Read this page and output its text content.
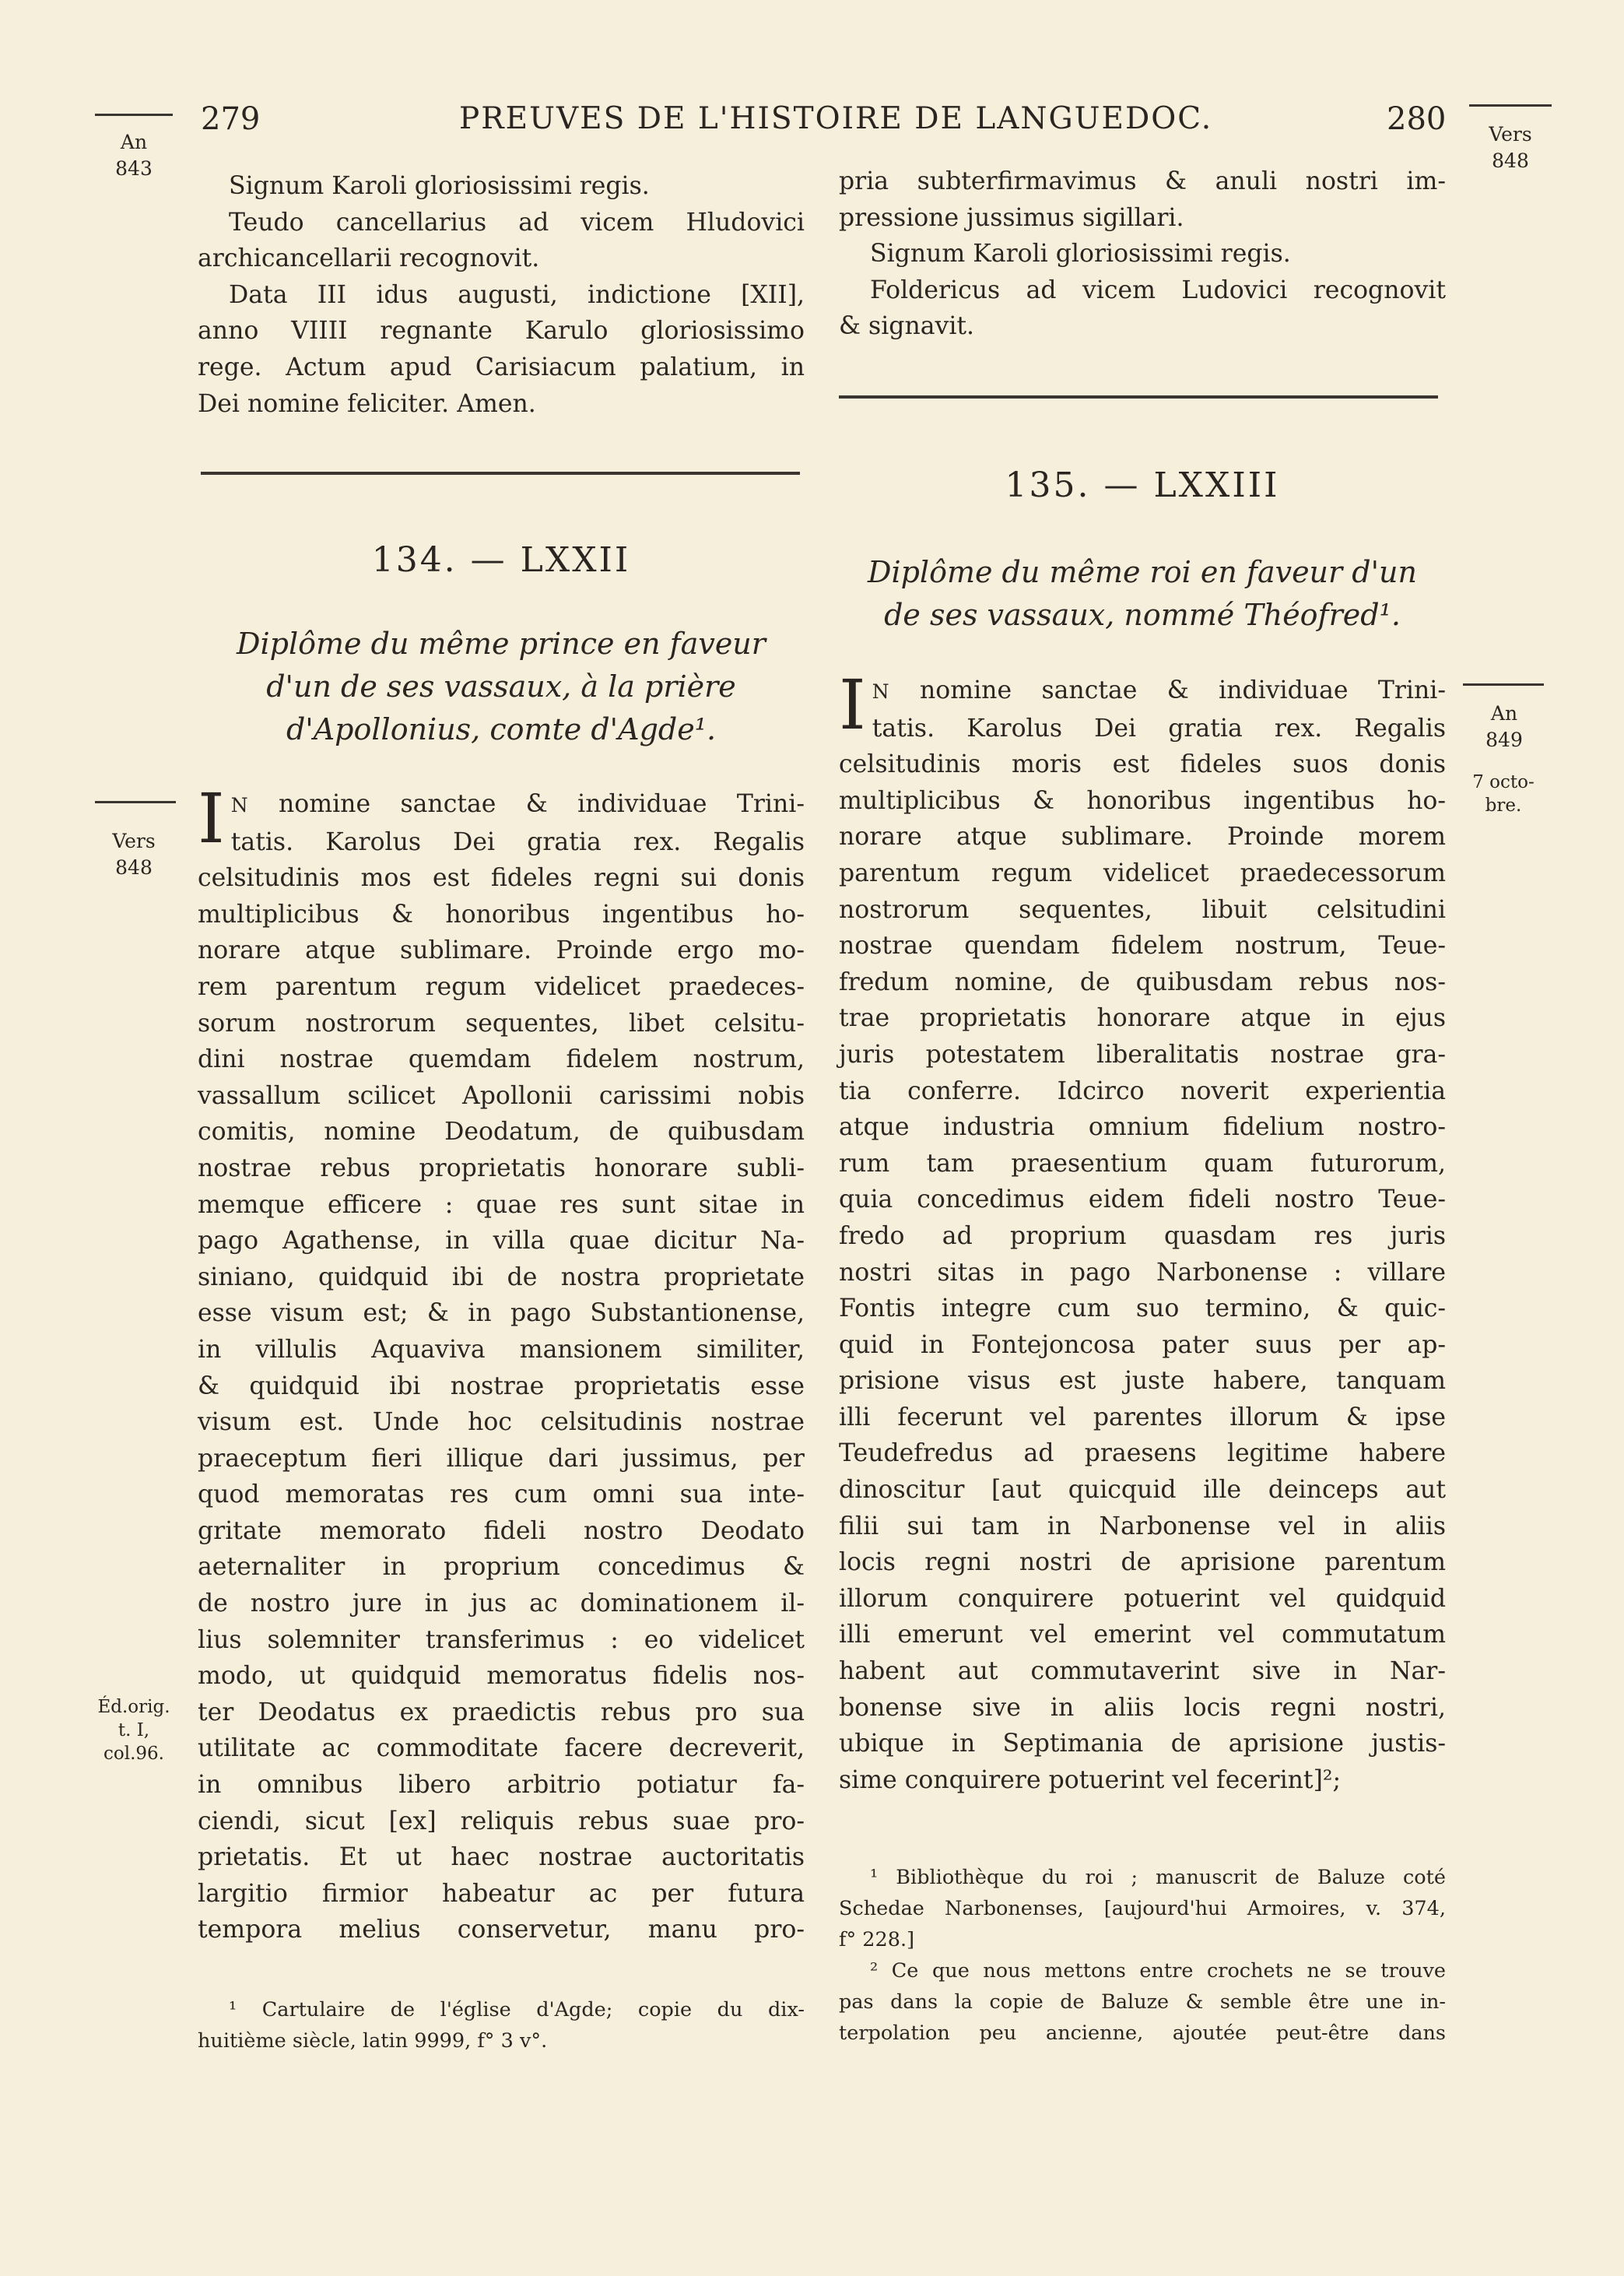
279	PREUVES DE L'HISTOIRE DE LANGUEDOC.	280
An
843
Vers
848
Vers
848
Éd.orig.
t. I,
col.96.
An
849
7 octo-
bre.

Signum Karoli gloriosissimi regis.

Teudo cancellarius ad vicem Hludovici

archicancellarii recognovit.

Data III idus augusti, indictione [XII],

anno VIIII regnante Karulo gloriosissimo

rege. Actum apud Carisiacum palatium, in

Dei nomine feliciter. Amen.

pria subterfirmavimus & anuli nostri im-

pressione jussimus sigillari.

Signum Karoli gloriosissimi regis.

Foldericus ad vicem Ludovici recognovit

& signavit.

134. — LXXII
Diplôme du même prince en faveur
d'un de ses vassaux, à la prière
d'Apollonius, comte d'Agde¹.
I N nomine sanctae & individuae Trini-

tatis. Karolus Dei gratia rex. Regalis

celsitudinis mos est fideles regni sui donis

multiplicibus & honoribus ingentibus ho-

norare atque sublimare. Proinde ergo mo-

rem parentum regum videlicet praedeces-

sorum nostrorum sequentes, libet celsitu-

dini nostrae quemdam fidelem nostrum,

vassallum scilicet Apollonii carissimi nobis

comitis, nomine Deodatum, de quibusdam

nostrae rebus proprietatis honorare subli-

memque efficere : quae res sunt sitae in

pago Agathense, in villa quae dicitur Na-

siniano, quidquid ibi de nostra proprietate

esse visum est; & in pago Substantionense,

in villulis Aquaviva mansionem similiter,

& quidquid ibi nostrae proprietatis esse

visum est. Unde hoc celsitudinis nostrae

praeceptum fieri illique dari jussimus, per

quod memoratas res cum omni sua inte-

gritate memorato fideli nostro Deodato

aeternaliter in proprium concedimus &

de nostro jure in jus ac dominationem il-

lius solemniter transferimus : eo videlicet

modo, ut quidquid memoratus fidelis nos-

ter Deodatus ex praedictis rebus pro sua

utilitate ac commoditate facere decreverit,

in omnibus libero arbitrio potiatur fa-

ciendi, sicut [ex] reliquis rebus suae pro-

prietatis. Et ut haec nostrae auctoritatis

largitio firmior habeatur ac per futura

tempora melius conservetur, manu pro-

¹ Cartulaire de l'église d'Agde; copie du dix-

huitième siècle, latin 9999, f° 3 v°.

135. — LXXIII
Diplôme du même roi en faveur d'un
de ses vassaux, nommé Théofred¹.
I N nomine sanctae & individuae Trini-

tatis. Karolus Dei gratia rex. Regalis

celsitudinis moris est fideles suos donis

multiplicibus & honoribus ingentibus ho-

norare atque sublimare. Proinde morem

parentum regum videlicet praedecessorum

nostrorum sequentes, libuit celsitudini

nostrae quendam fidelem nostrum, Teue-

fredum nomine, de quibusdam rebus nos-

trae proprietatis honorare atque in ejus

juris potestatem liberalitatis nostrae gra-

tia conferre. Idcirco noverit experientia

atque industria omnium fidelium nostro-

rum tam praesentium quam futurorum,

quia concedimus eidem fideli nostro Teue-

fredo ad proprium quasdam res juris

nostri sitas in pago Narbonense : villare

Fontis integre cum suo termino, & quic-

quid in Fontejoncosa pater suus per ap-

prisione visus est juste habere, tanquam

illi fecerunt vel parentes illorum & ipse

Teudefredus ad praesens legitime habere

dinoscitur [aut quicquid ille deinceps aut

filii sui tam in Narbonense vel in aliis

locis regni nostri de aprisione parentum

illorum conquirere potuerint vel quidquid

illi emerunt vel emerint vel commutatum

habent aut commutaverint sive in Nar-

bonense sive in aliis locis regni nostri,

ubique in Septimania de aprisione justis-

sime conquirere potuerint vel fecerint]²;

¹ Bibliothèque du roi ; manuscrit de Baluze coté

Schedae Narbonenses, [aujourd'hui Armoires, v. 374,

f° 228.]

² Ce que nous mettons entre crochets ne se trouve

pas dans la copie de Baluze & semble être une in-

terpolation peu ancienne, ajoutée peut-être dans
